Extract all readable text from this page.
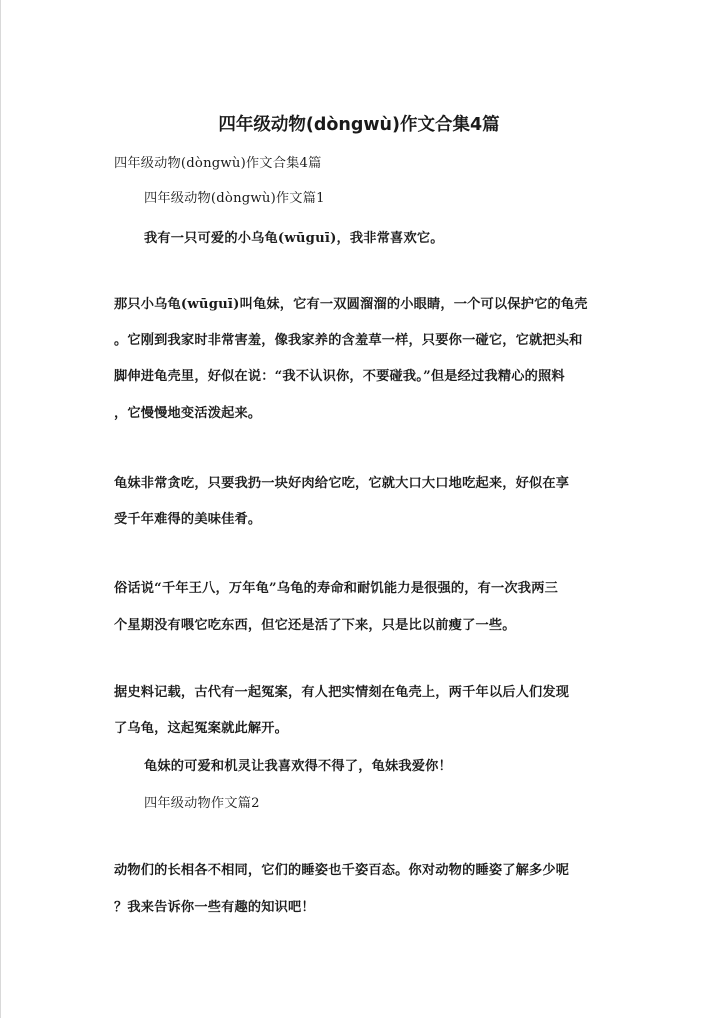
四年级动物(dòngwù)作文合集4篇
四年级动物(dòngwù)作文合集4篇
四年级动物(dòngwù)作文篇1
我有一只可爱的小乌龟(wūguī)，我非常喜欢它。
那只小乌龟(wūguī)叫龟妹，它有一双圆溜溜的小眼睛，一个可以保护它的龟壳
。它刚到我家时非常害羞，像我家养的含羞草一样，只要你一碰它，它就把头和
脚伸进龟壳里，好似在说：“我不认识你，不要碰我。”但是经过我精心的照料
，它慢慢地变活泼起来。
龟妹非常贪吃，只要我扔一块好肉给它吃，它就大口大口地吃起来，好似在享
受千年难得的美味佳肴。
俗话说“千年王八，万年龟”乌龟的寿命和耐饥能力是很强的，有一次我两三
个星期没有喂它吃东西，但它还是活了下来，只是比以前瘦了一些。
据史料记载，古代有一起冤案，有人把实情刻在龟壳上，两千年以后人们发现
了乌龟，这起冤案就此解开。
龟妹的可爱和机灵让我喜欢得不得了，龟妹我爱你！
四年级动物作文篇2
动物们的长相各不相同，它们的睡姿也千姿百态。你对动物的睡姿了解多少呢
？我来告诉你一些有趣的知识吧！
